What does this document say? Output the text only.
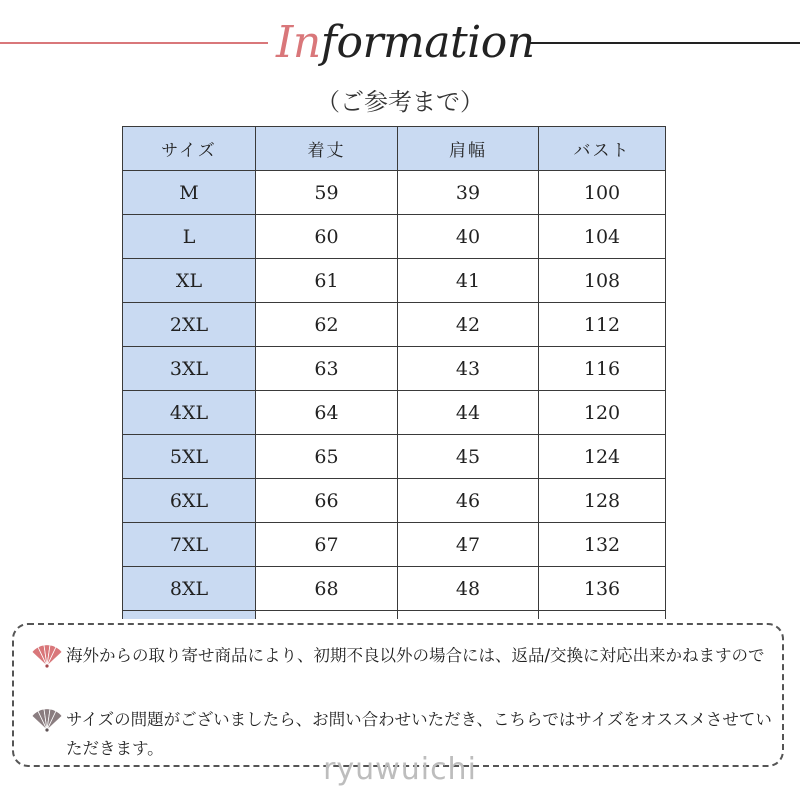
Information
（ご参考まで）
サイズ	着丈	肩幅	バスト
M	59	39	100
L	60	40	104
XL	61	41	108
2XL	62	42	112
3XL	63	43	116
4XL	64	44	120
5XL	65	45	124
6XL	66	46	128
7XL	67	47	132
8XL	68	48	136

海外からの取り寄せ商品により、初期不良以外の場合には、返品/交換に対応出来かねますので
サイズの問題がございましたら、お問い合わせいただき、こちらではサイズをオススメさせていただきます。
ryuwuichi
